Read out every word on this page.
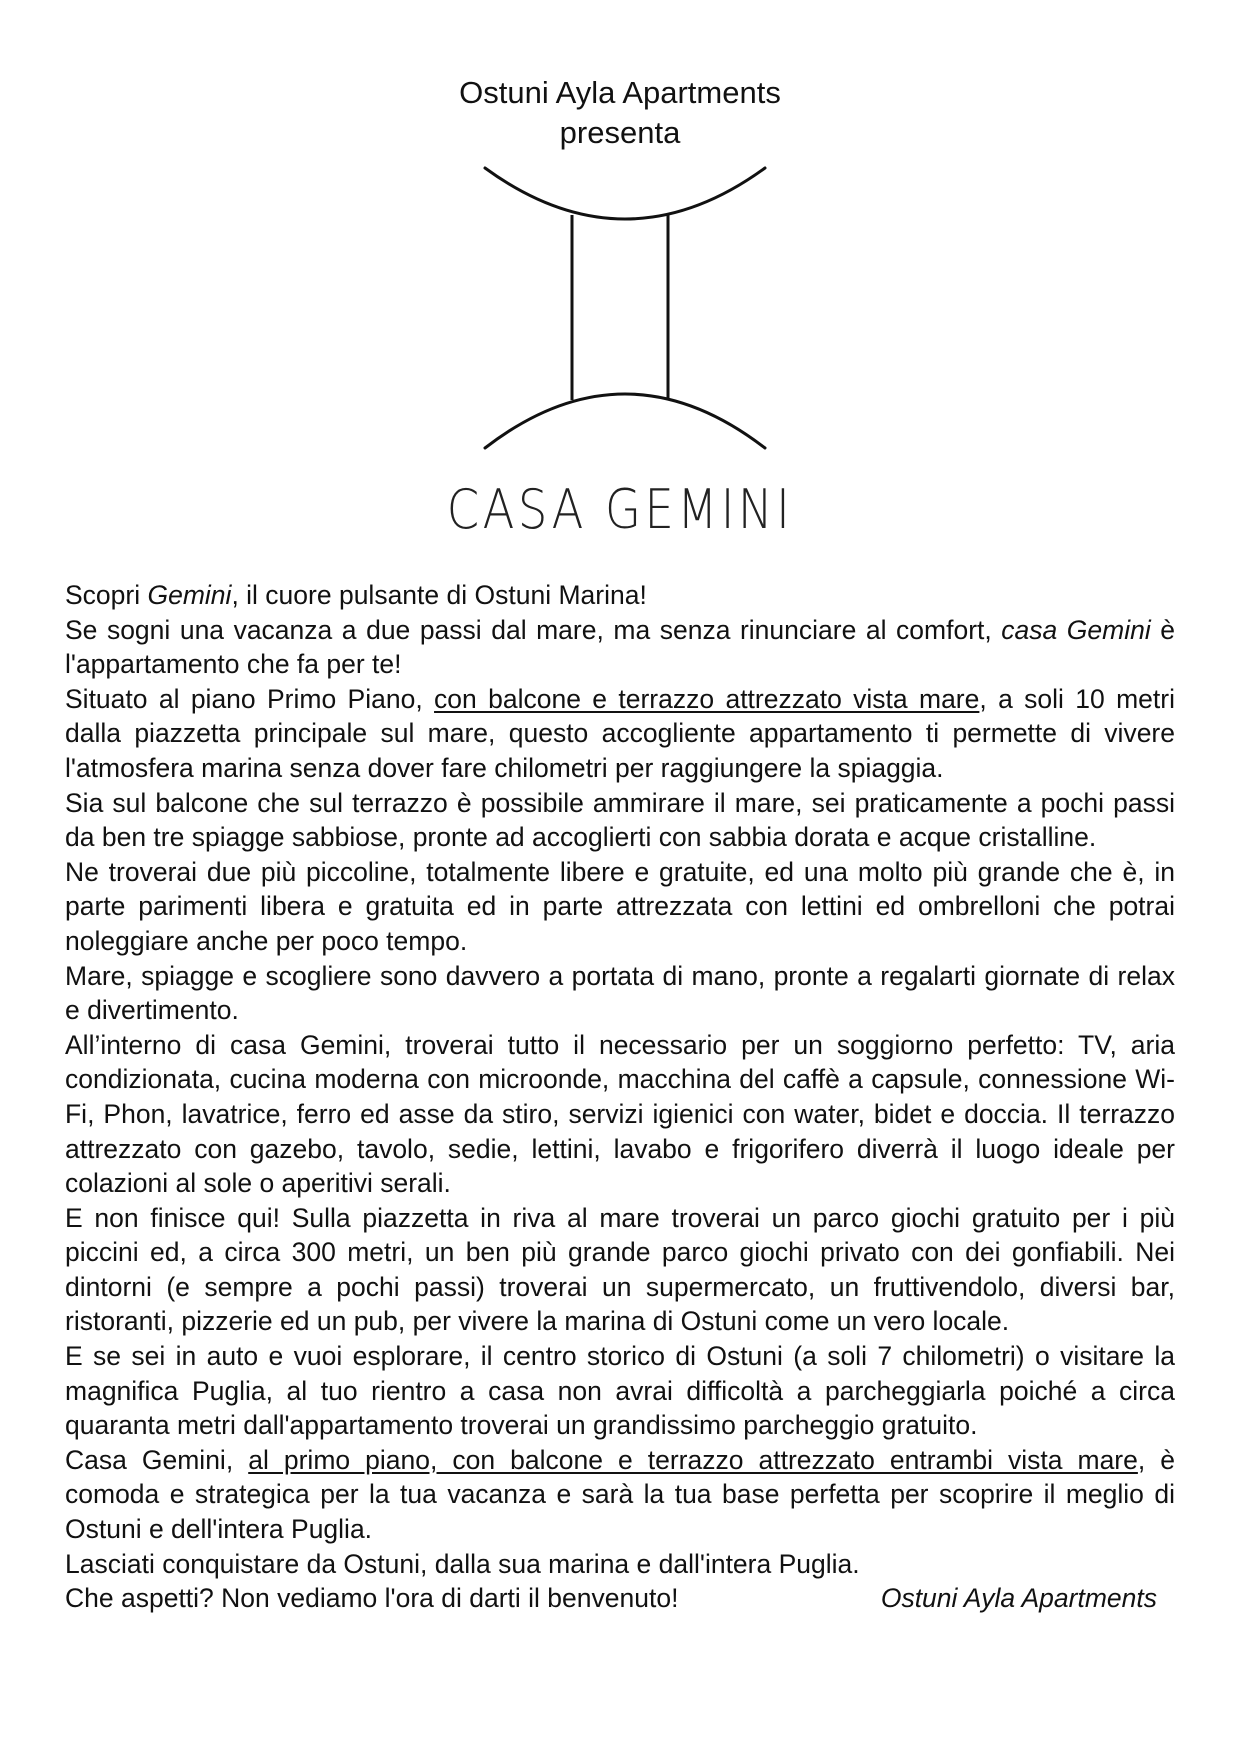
Ostuni Ayla Apartments
presenta
CASA GEMINI

Scopri Gemini, il cuore pulsante di Ostuni Marina!

Se sogni una vacanza a due passi dal mare, ma senza rinunciare al comfort, casa Gemini è l'appartamento che fa per te!

Situato al piano Primo Piano, con balcone e terrazzo attrezzato vista mare, a soli 10 metri dalla piazzetta principale sul mare, questo accogliente appartamento ti permette di vivere l'atmosfera marina senza dover fare chilometri per raggiungere la spiaggia.

Sia sul balcone che sul terrazzo è possibile ammirare il mare, sei praticamente a pochi passi da ben tre spiagge sabbiose, pronte ad accoglierti con sabbia dorata e acque cristalline.

Ne troverai due più piccoline, totalmente libere e gratuite, ed una molto più grande che è, in parte parimenti libera e gratuita ed in parte attrezzata con lettini ed ombrelloni che potrai noleggiare anche per poco tempo.

Mare, spiagge e scogliere sono davvero a portata di mano, pronte a regalarti giornate di relax e divertimento.

All’interno di casa Gemini, troverai tutto il necessario per un soggiorno perfetto: TV, aria condizionata, cucina moderna con microonde, macchina del caffè a capsule, connessione Wi-Fi, Phon, lavatrice, ferro ed asse da stiro, servizi igienici con water, bidet e doccia. Il terrazzo attrezzato con gazebo, tavolo, sedie, lettini, lavabo e frigorifero diverrà il luogo ideale per colazioni al sole o aperitivi serali.

E non finisce qui! Sulla piazzetta in riva al mare troverai un parco giochi gratuito per i più piccini ed, a circa 300 metri, un ben più grande parco giochi privato con dei gonfiabili. Nei dintorni (e sempre a pochi passi) troverai un supermercato, un fruttivendolo, diversi bar, ristoranti, pizzerie ed un pub, per vivere la marina di Ostuni come un vero locale.

E se sei in auto e vuoi esplorare, il centro storico di Ostuni (a soli 7 chilometri) o visitare la magnifica Puglia, al tuo rientro a casa non avrai difficoltà a parcheggiarla poiché a circa quaranta metri dall'appartamento troverai un grandissimo parcheggio gratuito.

Casa Gemini, al primo piano, con balcone e terrazzo attrezzato entrambi vista mare, è comoda e strategica per la tua vacanza e sarà la tua base perfetta per scoprire il meglio di Ostuni e dell'intera Puglia.

Lasciati conquistare da Ostuni, dalla sua marina e dall'intera Puglia.

Che aspetti? Non vediamo l'ora di darti il benvenuto!	Ostuni Ayla Apartments
